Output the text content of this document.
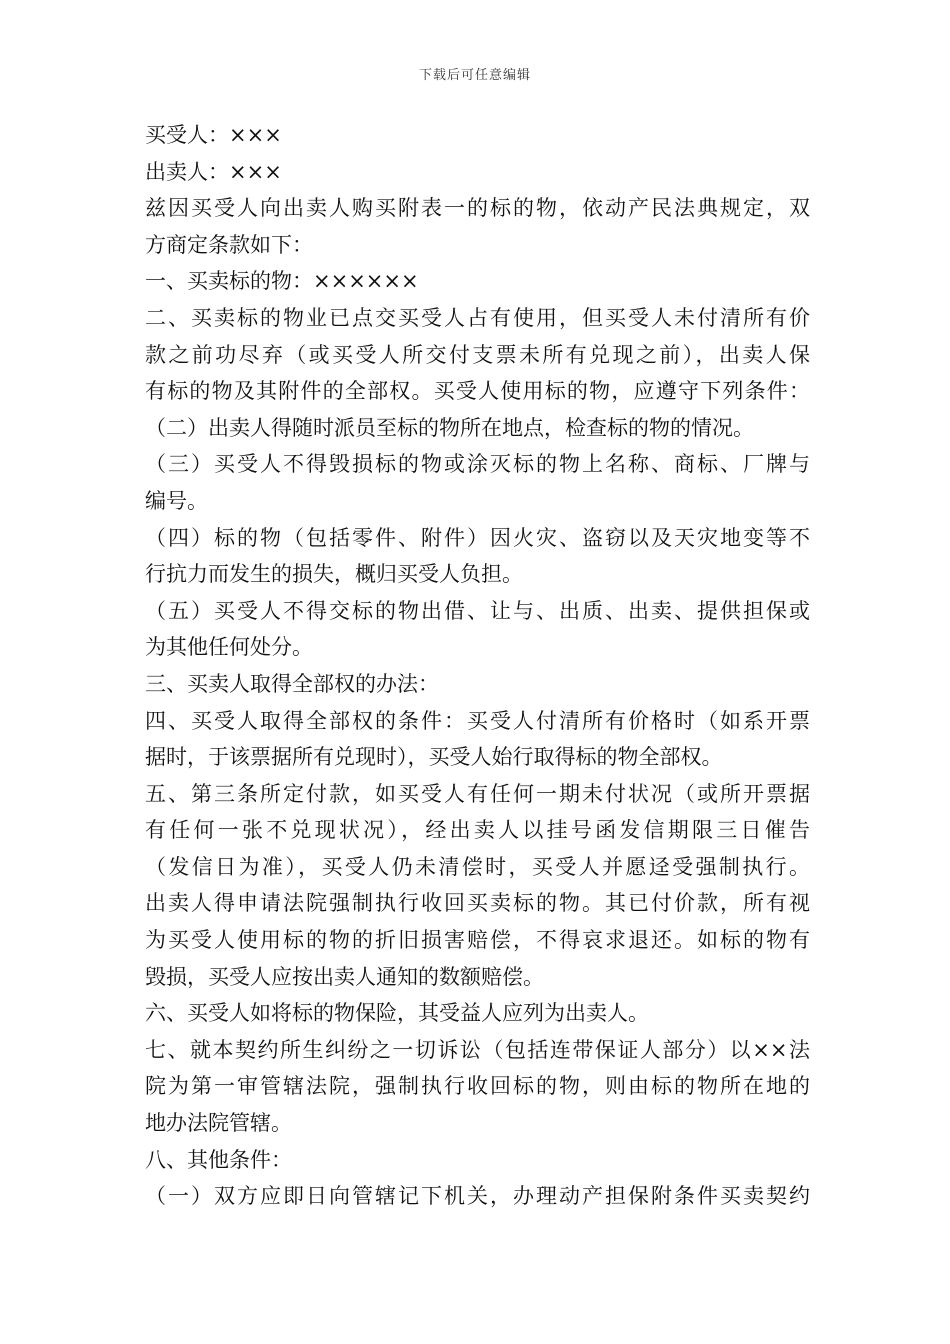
下载后可任意编辑
买受人：×××
出卖人：×××
兹因买受人向出卖人购买附表一的标的物，依动产民法典规定，双
方商定条款如下：
一、买卖标的物：××××××
二、买卖标的物业已点交买受人占有使用，但买受人未付清所有价
款之前功尽弃（或买受人所交付支票未所有兑现之前），出卖人保
有标的物及其附件的全部权。买受人使用标的物，应遵守下列条件：
（二）出卖人得随时派员至标的物所在地点，检查标的物的情况。
（三）买受人不得毁损标的物或涂灭标的物上名称、商标、厂牌与
编号。
（四）标的物（包括零件、附件）因火灾、盗窃以及天灾地变等不
行抗力而发生的损失，概归买受人负担。
（五）买受人不得交标的物出借、让与、出质、出卖、提供担保或
为其他任何处分。
三、买卖人取得全部权的办法：
四、买受人取得全部权的条件：买受人付清所有价格时（如系开票
据时，于该票据所有兑现时），买受人始行取得标的物全部权。
五、第三条所定付款，如买受人有任何一期未付状况（或所开票据
有任何一张不兑现状况），经出卖人以挂号函发信期限三日催告
（发信日为准），买受人仍未清偿时，买受人并愿迳受强制执行。
出卖人得申请法院强制执行收回买卖标的物。其已付价款，所有视
为买受人使用标的物的折旧损害赔偿，不得哀求退还。如标的物有
毁损，买受人应按出卖人通知的数额赔偿。
六、买受人如将标的物保险，其受益人应列为出卖人。
七、就本契约所生纠纷之一切诉讼（包括连带保证人部分）以××法
院为第一审管辖法院，强制执行收回标的物，则由标的物所在地的
地办法院管辖。
八、其他条件：
（一）双方应即日向管辖记下机关，办理动产担保附条件买卖契约
